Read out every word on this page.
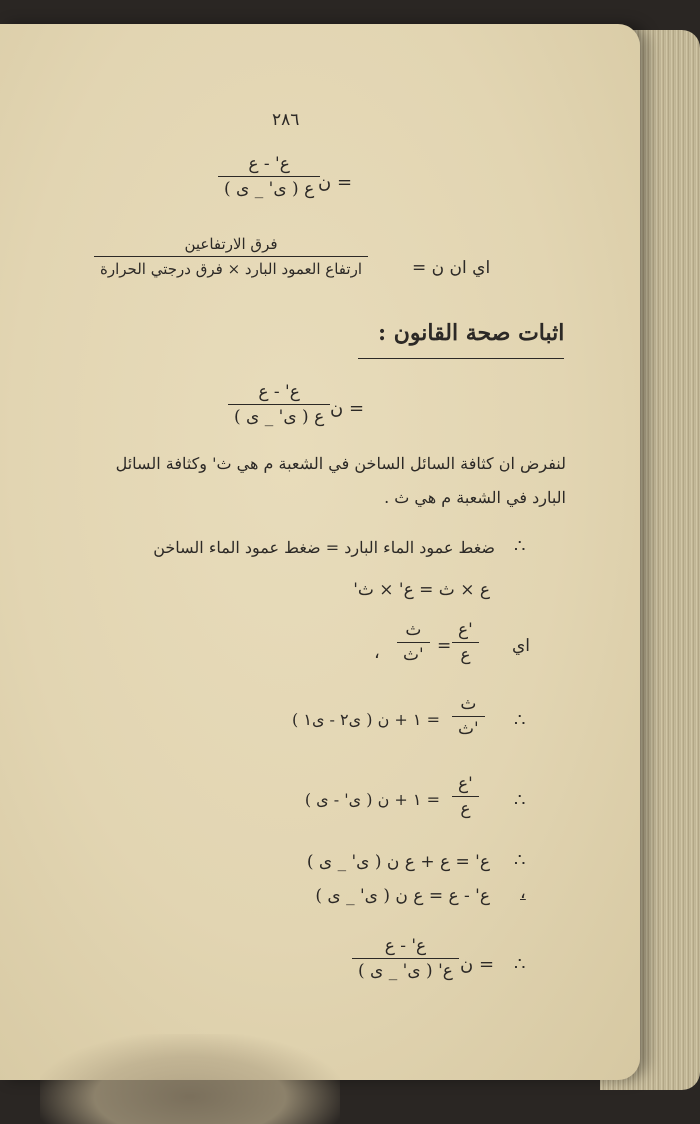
٢٨٦
= ن
ع' - ع
ع ( ى' _ ى )
اي ان ن =
فرق الارتفاعين
ارتفاع العمود البارد × فرق درجتي الحرارة
اثبات صحة القانون :
= ن
ع' - ع
ع ( ى' _ ى )
لنفرض ان كثافة السائل الساخن في الشعبة م هي ث' وكثافة السائل
البارد في الشعبة م هي ث .
∴
ضغط عمود الماء البارد = ضغط عمود الماء الساخن
ع × ث = ع' × ث'
اي
ع'
ع
=
ث
ث'
،
∴
ث
ث'
= ١ + ن ( ى٢ - ى١ )
∴
ع'
ع
= ١ + ن ( ى' - ى )
∴
ع' = ع + ع ن ( ى' _ ى )
،
ع' - ع = ع ن ( ى' _ ى )
∴
= ن
ع' - ع
ع' ( ى' _ ى )
